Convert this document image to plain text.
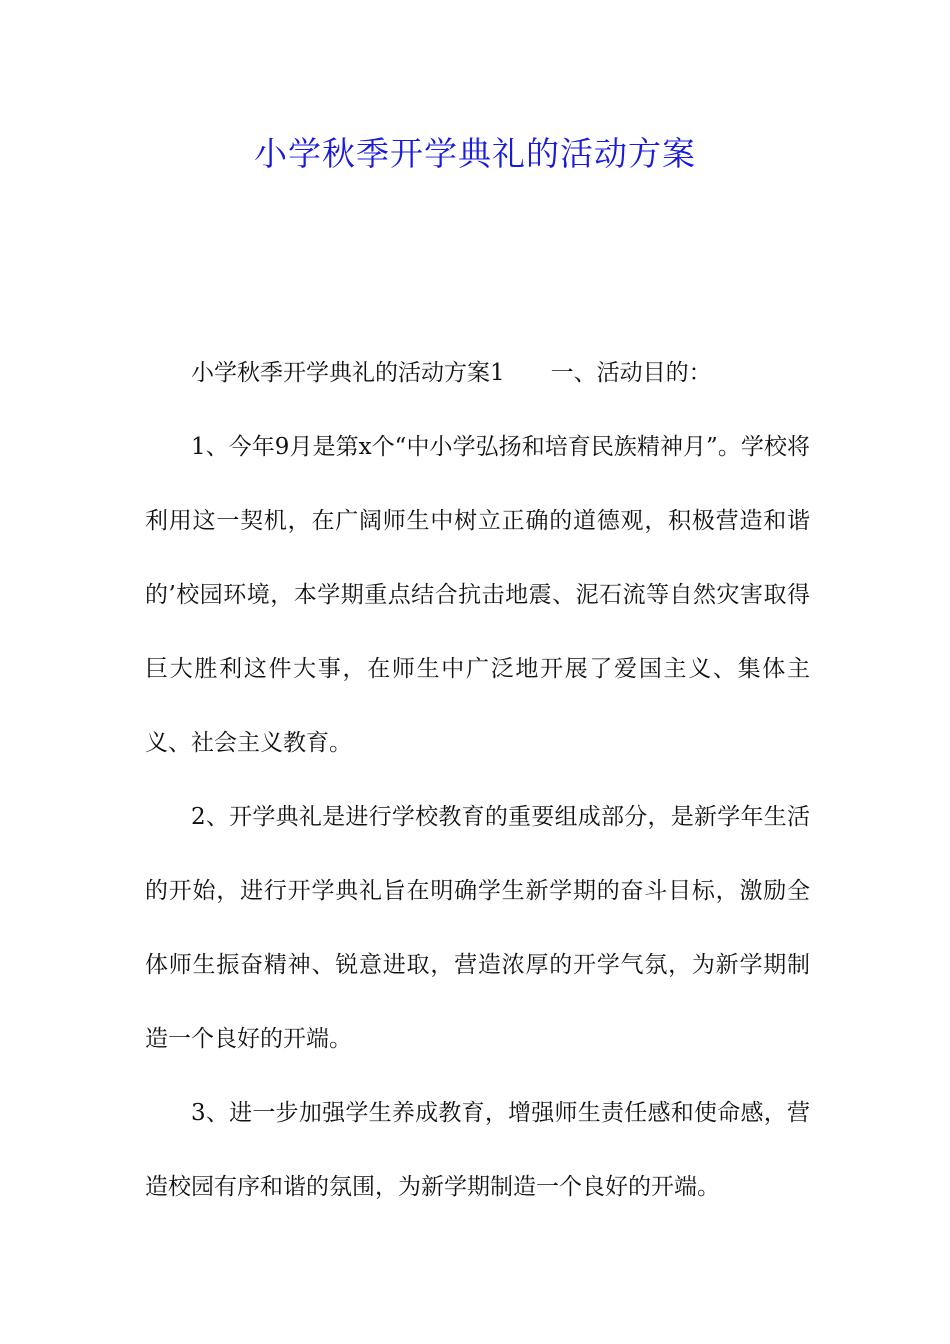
小学秋季开学典礼的活动方案

小学秋季开学典礼的活动方案1 一、活动目的：

1、今年9月是第x个“中小学弘扬和培育民族精神月”。学校将利用这一契机，在广阔师生中树立正确的道德观，积极营造和谐的’校园环境，本学期重点结合抗击地震、泥石流等自然灾害取得巨大胜利这件大事，在师生中广泛地开展了爱国主义、集体主义、社会主义教育。

2、开学典礼是进行学校教育的重要组成部分，是新学年生活的开始，进行开学典礼旨在明确学生新学期的奋斗目标，激励全体师生振奋精神、锐意进取，营造浓厚的开学气氛，为新学期制造一个良好的开端。

3、进一步加强学生养成教育，增强师生责任感和使命感，营造校园有序和谐的氛围，为新学期制造一个良好的开端。
